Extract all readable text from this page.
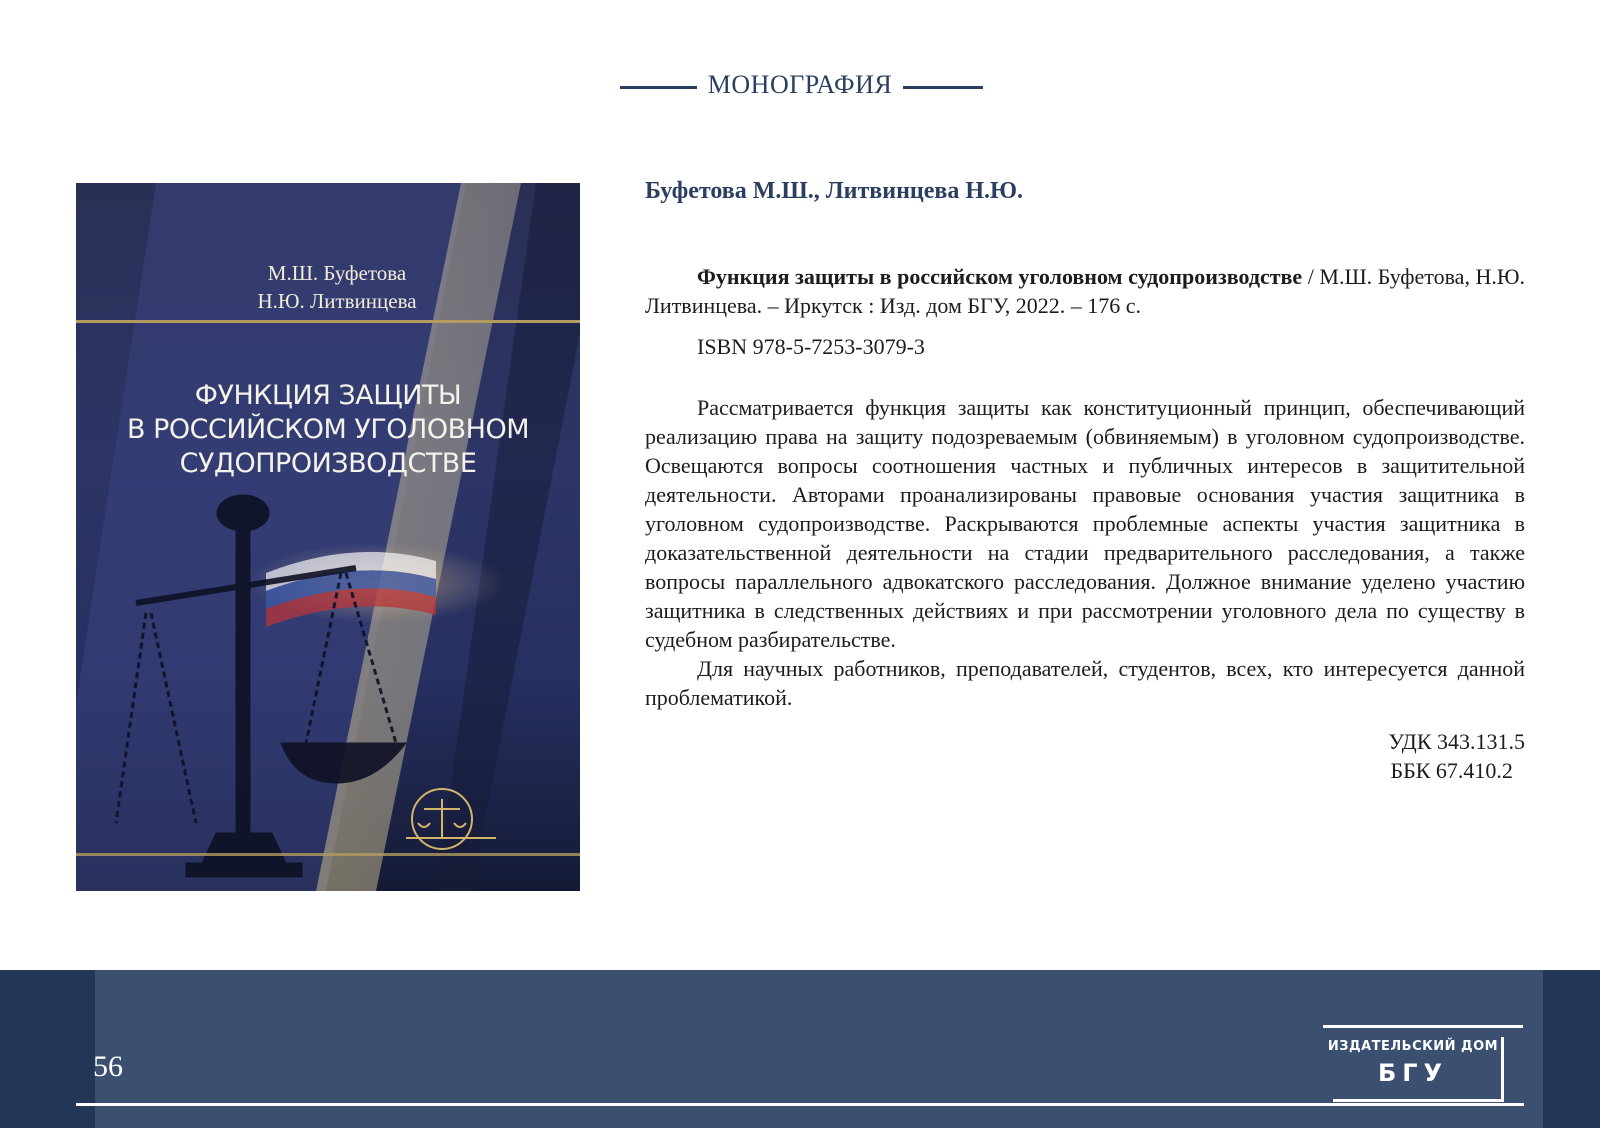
МОНОГРАФИЯ
М.Ш. Буфетова
Н.Ю. Литвинцева
ФУНКЦИЯ ЗАЩИТЫ
В РОССИЙСКОМ УГОЛОВНОМ
СУДОПРОИЗВОДСТВЕ
Буфетова М.Ш., Литвинцева Н.Ю.
Функция защиты в российском уголовном судопроизводстве / М.Ш. Буфетова, Н.Ю. Литвинцева. – Иркутск : Изд. дом БГУ, 2022. – 176 с.
ISBN 978-5-7253-3079-3
Рассматривается функция защиты как конституционный принцип, обеспечивающий реализацию права на защиту подозреваемым (обвиняемым) в уголовном судопроизводстве. Освещаются вопросы соотношения частных и публичных интересов в защитительной деятельности. Авторами проанализированы правовые основания участия защитника в уголовном судопроизводстве. Раскрываются проблемные аспекты участия защитника в доказательственной деятельности на стадии предварительного расследования, а также вопросы параллельного адвокатского расследования. Должное внимание уделено участию защитника в следственных действиях и при рассмотрении уголовного дела по существу в судебном разбирательстве.
Для научных работников, преподавателей, студентов, всех, кто интересуется данной проблематикой.
УДК 343.131.5
ББК 67.410.2
56
ИЗДАТЕЛЬСКИЙ ДОМ
БГУ
